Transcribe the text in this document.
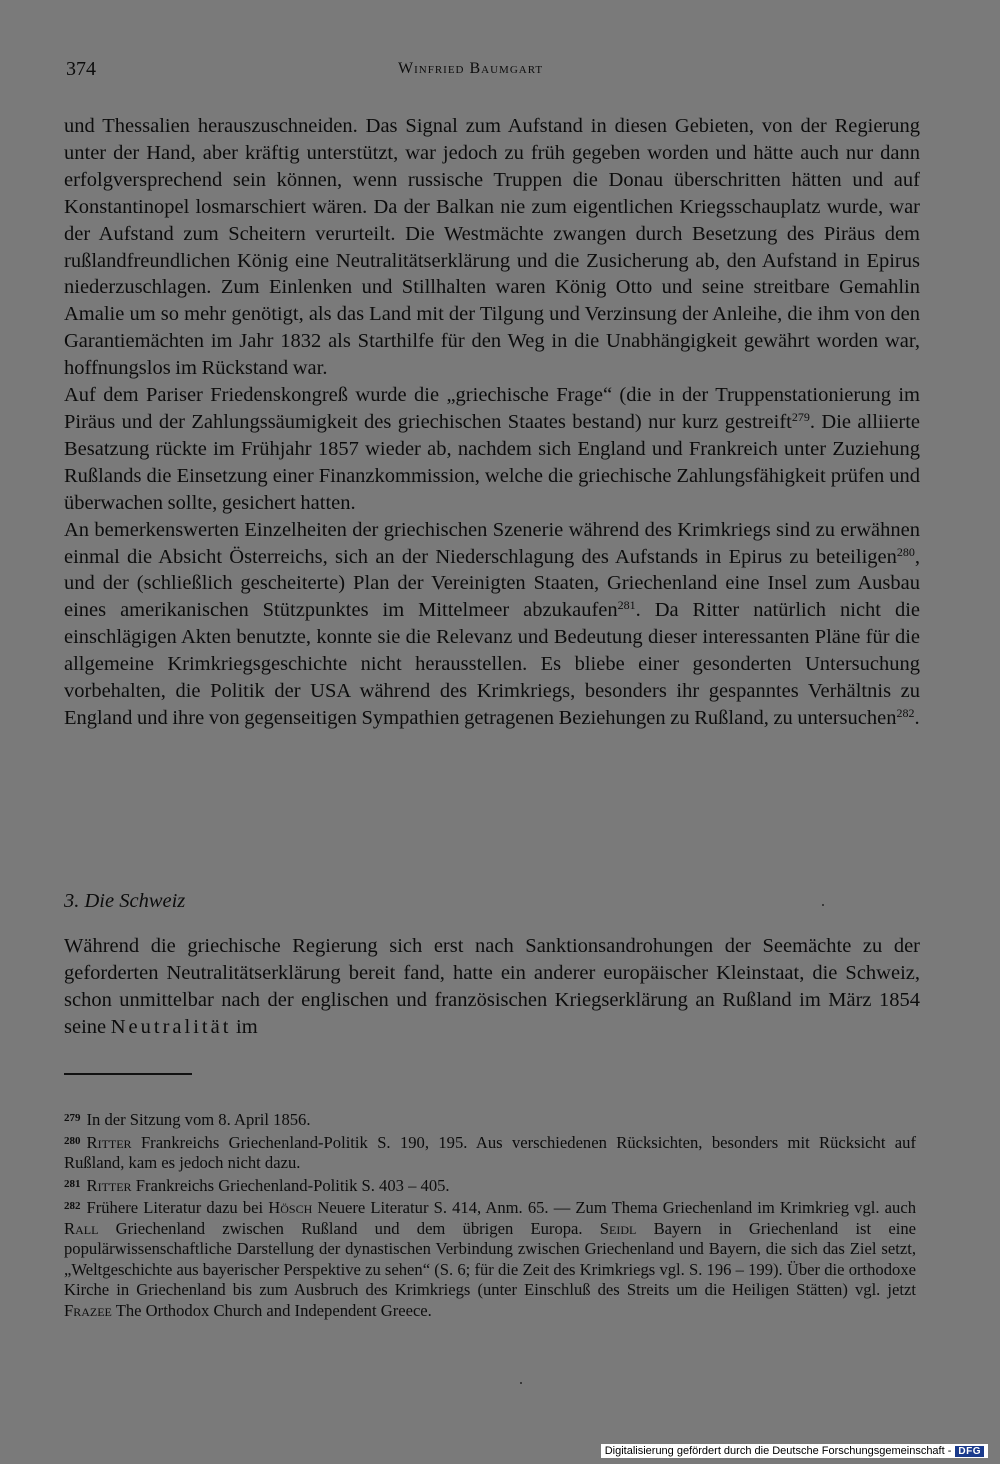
374	Winfried Baumgart

und Thessalien herauszuschneiden. Das Signal zum Aufstand in diesen Gebieten, von der Regierung unter der Hand, aber kräftig unterstützt, war jedoch zu früh gegeben worden und hätte auch nur dann erfolgversprechend sein können, wenn russische Truppen die Donau überschritten hätten und auf Konstantinopel losmarschiert wären. Da der Balkan nie zum eigentlichen Kriegsschauplatz wurde, war der Aufstand zum Scheitern verurteilt. Die Westmächte zwangen durch Besetzung des Piräus dem rußlandfreundlichen König eine Neutralitätserklärung und die Zusicherung ab, den Aufstand in Epirus niederzuschlagen. Zum Einlenken und Stillhalten waren König Otto und seine streitbare Gemahlin Amalie um so mehr genötigt, als das Land mit der Tilgung und Verzinsung der Anleihe, die ihm von den Garantiemächten im Jahr 1832 als Starthilfe für den Weg in die Unabhängigkeit gewährt worden war, hoffnungslos im Rückstand war.

Auf dem Pariser Friedenskongreß wurde die „griechische Frage“ (die in der Truppenstationierung im Piräus und der Zahlungssäumigkeit des griechischen Staates bestand) nur kurz gestreift$^{279}$. Die alliierte Besatzung rückte im Frühjahr 1857 wieder ab, nachdem sich England und Frankreich unter Zuziehung Rußlands die Einsetzung einer Finanzkommission, welche die griechische Zahlungsfähigkeit prüfen und überwachen sollte, gesichert hatten.

An bemerkenswerten Einzelheiten der griechischen Szenerie während des Krimkriegs sind zu erwähnen einmal die Absicht Österreichs, sich an der Niederschlagung des Aufstands in Epirus zu beteiligen$^{280}$, und der (schließlich gescheiterte) Plan der Vereinigten Staaten, Griechenland eine Insel zum Ausbau eines amerikanischen Stützpunktes im Mittelmeer abzukaufen$^{281}$. Da Ritter natürlich nicht die einschlägigen Akten benutzte, konnte sie die Relevanz und Bedeutung dieser interessanten Pläne für die allgemeine Krimkriegsgeschichte nicht herausstellen. Es bliebe einer gesonderten Untersuchung vorbehalten, die Politik der USA während des Krimkriegs, besonders ihr gespanntes Verhältnis zu England und ihre von gegenseitigen Sympathien getragenen Beziehungen zu Rußland, zu untersuchen$^{282}$.

3. Die Schweiz

Während die griechische Regierung sich erst nach Sanktionsandrohungen der Seemächte zu der geforderten Neutralitätserklärung bereit fand, hatte ein anderer europäischer Kleinstaat, die Schweiz, schon unmittelbar nach der englischen und französischen Kriegserklärung an Rußland im März 1854 seine Neutralität im

$^{279}$ In der Sitzung vom 8. April 1856.

$^{280}$ Ritter Frankreichs Griechenland-Politik S. 190, 195. Aus verschiedenen Rücksichten, besonders mit Rücksicht auf Rußland, kam es jedoch nicht dazu.

$^{281}$ Ritter Frankreichs Griechenland-Politik S. 403 – 405.

$^{282}$ Frühere Literatur dazu bei Hösch Neuere Literatur S. 414, Anm. 65. — Zum Thema Griechenland im Krimkrieg vgl. auch Rall Griechenland zwischen Rußland und dem übrigen Europa. Seidl Bayern in Griechenland ist eine populärwissenschaftliche Darstellung der dynastischen Verbindung zwischen Griechenland und Bayern, die sich das Ziel setzt, „Weltgeschichte aus bayerischer Perspektive zu sehen“ (S. 6; für die Zeit des Krimkriegs vgl. S. 196 – 199). Über die orthodoxe Kirche in Griechenland bis zum Ausbruch des Krimkriegs (unter Einschluß des Streits um die Heiligen Stätten) vgl. jetzt Frazee The Orthodox Church and Independent Greece.

Digitalisierung gefördert durch die Deutsche Forschungsgemeinschaft - DFG
